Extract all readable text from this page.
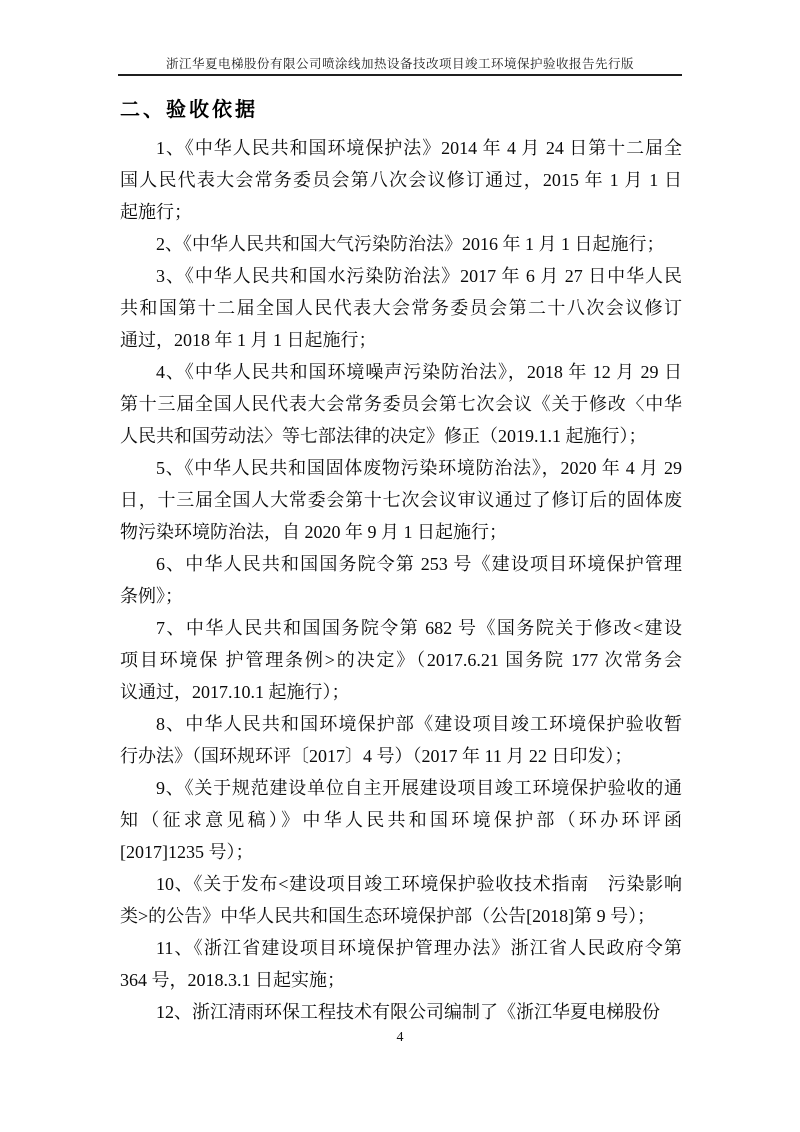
浙江华夏电梯股份有限公司喷涂线加热设备技改项目竣工环境保护验收报告先行版
二、验收依据
1、《中华人民共和国环境保护法》2014 年 4 月 24 日第十二届全
国人民代表大会常务委员会第八次会议修订通过，2015 年 1 月 1 日
起施行；
2、《中华人民共和国大气污染防治法》2016 年 1 月 1 日起施行；
3、《中华人民共和国水污染防治法》2017 年 6 月 27 日中华人民
共和国第十二届全国人民代表大会常务委员会第二十八次会议修订
通过，2018 年 1 月 1 日起施行；
4、《中华人民共和国环境噪声污染防治法》，2018 年 12 月 29 日
第十三届全国人民代表大会常务委员会第七次会议《关于修改〈中华
人民共和国劳动法〉等七部法律的决定》修正（2019.1.1 起施行）；
5、《中华人民共和国固体废物污染环境防治法》，2020 年 4 月 29
日，十三届全国人大常委会第十七次会议审议通过了修订后的固体废
物污染环境防治法，自 2020 年 9 月 1 日起施行；
6、中华人民共和国国务院令第 253 号《建设项目环境保护管理
条例》；
7、中华人民共和国国务院令第 682 号《国务院关于修改<建设
项目环境保 护管理条例>的决定》（2017.6.21 国务院 177 次常务会
议通过，2017.10.1 起施行）；
8、中华人民共和国环境保护部《建设项目竣工环境保护验收暂
行办法》（国环规环评〔2017〕4 号）（2017 年 11 月 22 日印发）；
9、《关于规范建设单位自主开展建设项目竣工环境保护验收的通
知（征求意见稿）》中华人民共和国环境保护部（环办环评函
[2017]1235 号）；
10、《关于发布<建设项目竣工环境保护验收技术指南　污染影响
类>的公告》中华人民共和国生态环境保护部（公告[2018]第 9 号）；
11、《浙江省建设项目环境保护管理办法》浙江省人民政府令第
364 号，2018.3.1 日起实施；
12、浙江清雨环保工程技术有限公司编制了《浙江华夏电梯股份
4
